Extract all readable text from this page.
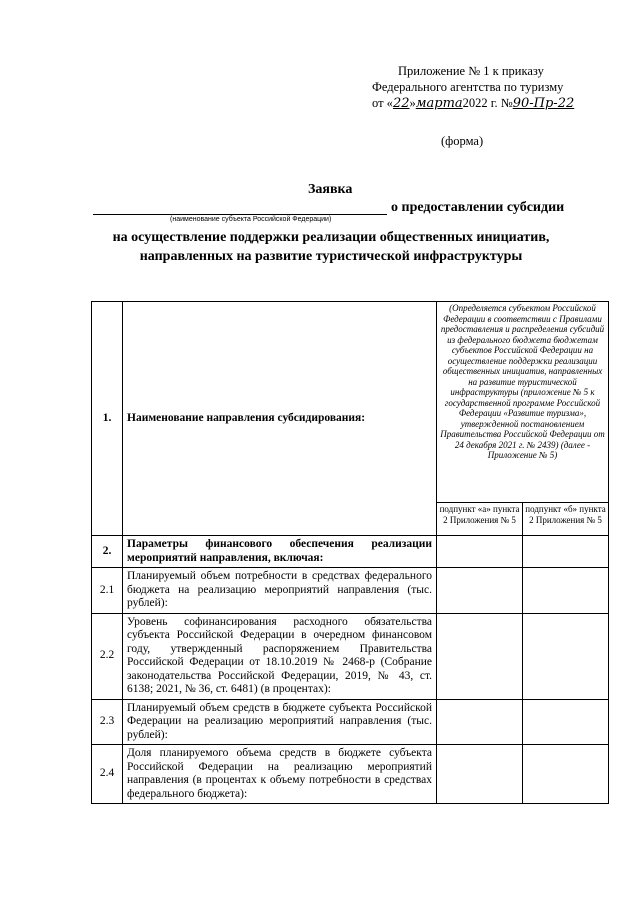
Приложение № 1 к приказу
Федерального агентства по туризму
от «22»марта2022 г. №90-Пр-22
(форма)
Заявка
(наименование субъекта Российской Федерации)
о предоставлении субсидии
на осуществление поддержки реализации общественных инициатив, направленных на развитие туристической инфраструктуры
1.	Наименование направления субсидирования:	(Определяется субъектом Российской Федерации в соответствии с Правилами предоставления и распределения субсидий из федерального бюджета бюджетам субъектов Российской Федерации на осуществление поддержки реализации общественных инициатив, направленных на развитие туристической инфраструктуры (приложение № 5 к государственной программе Российской Федерации «Развитие туризма», утвержденной постановлением Правительства Российской Федерации от 24 декабря 2021 г. № 2439) (далее - Приложение № 5)	
		подпункт «а» пункта 2 Приложения № 5	подпункт «б» пункта 2 Приложения № 5
2.	Параметры финансового обеспечения реализации мероприятий направления, включая:		
2.1	Планируемый объем потребности в средствах федерального бюджета на реализацию мероприятий направления (тыс. рублей):		
2.2	Уровень софинансирования расходного обязательства субъекта Российской Федерации в очередном финансовом году, утвержденный распоряжением Правительства Российской Федерации от 18.10.2019 № 2468-р (Собрание законодательства Российской Федерации, 2019, № 43, ст. 6138; 2021, № 36, ст. 6481) (в процентах):		
2.3	Планируемый объем средств в бюджете субъекта Российской Федерации на реализацию мероприятий направления (тыс. рублей):		
2.4	Доля планируемого объема средств в бюджете субъекта Российской Федерации на реализацию мероприятий направления (в процентах к объему потребности в средствах федерального бюджета):		
